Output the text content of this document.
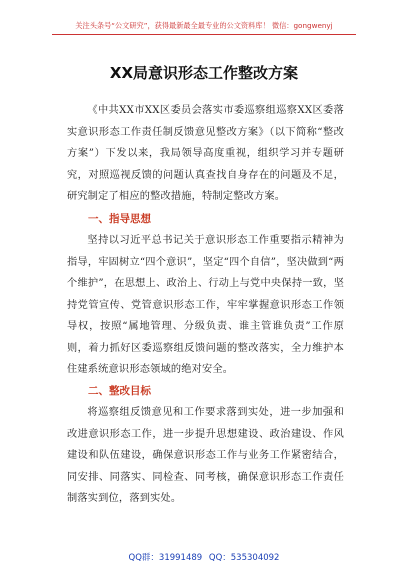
关注头条号“公文研究”，获得最新最全最专业的公文资料库！ 微信：gongwenyj
XX局意识形态工作整改方案

《中共XX市XX区委员会落实市委巡察组巡察XX区委落实意识形态工作责任制反馈意见整改方案》（以下简称“整改方案”）下发以来，我局领导高度重视，组织学习并专题研究，对照巡视反馈的问题认真查找自身存在的问题及不足，研究制定了相应的整改措施，特制定整改方案。

一、指导思想

坚持以习近平总书记关于意识形态工作重要指示精神为指导，牢固树立“四个意识”，坚定“四个自信”，坚决做到“两个维护”，在思想上、政治上、行动上与党中央保持一致，坚持党管宣传、党管意识形态工作，牢牢掌握意识形态工作领导权，按照“属地管理、分级负责、谁主管谁负责”工作原则，着力抓好区委巡察组反馈问题的整改落实，全力维护本住建系统意识形态领域的绝对安全。

二、整改目标

将巡察组反馈意见和工作要求落到实处，进一步加强和改进意识形态工作，进一步提升思想建设、政治建设、作风建设和队伍建设，确保意识形态工作与业务工作紧密结合，同安排、同落实、同检查、同考核，确保意识形态工作责任制落实到位，落到实处。

QQ群：31991489 QQ：535304092
